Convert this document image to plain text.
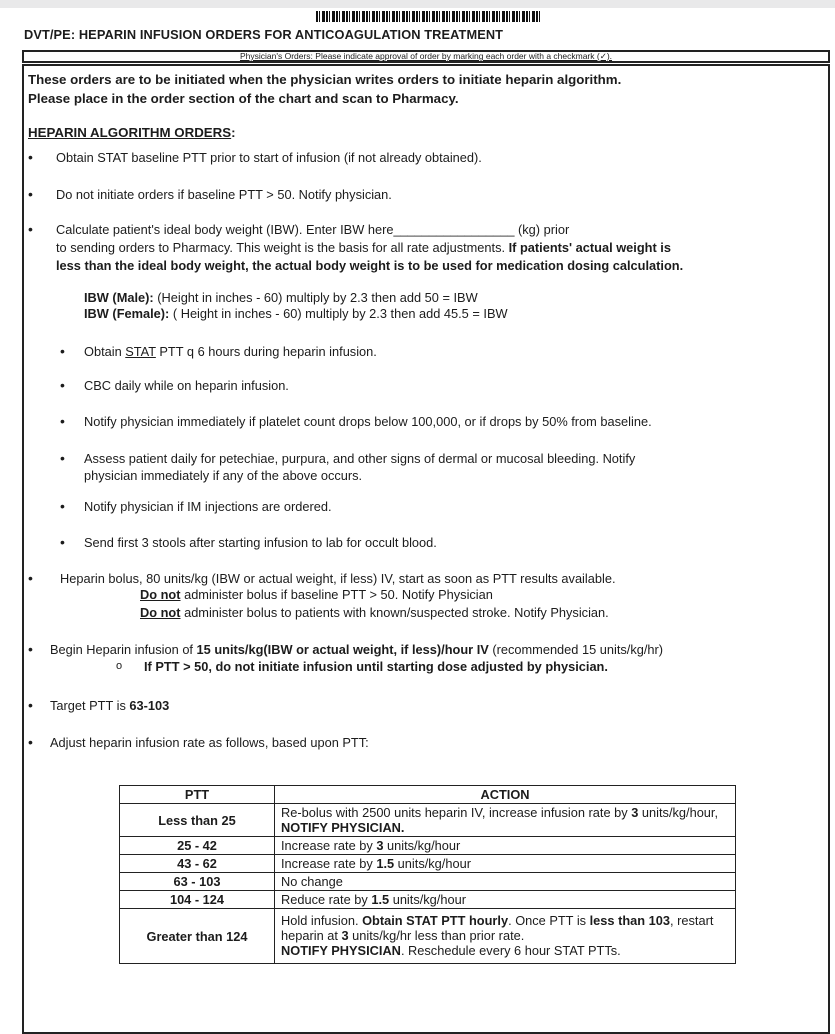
DVT/PE: HEPARIN INFUSION ORDERS FOR ANTICOAGULATION TREATMENT
Physician's Orders: Please indicate approval of order by marking each order with a checkmark (✓).
These orders are to be initiated when the physician writes orders to initiate heparin algorithm.
Please place in the order section of the chart and scan to Pharmacy.
HEPARIN ALGORITHM ORDERS:
• Obtain STAT baseline PTT prior to start of infusion (if not already obtained).
• Do not initiate orders if baseline PTT > 50. Notify physician.
• Calculate patient's ideal body weight (IBW). Enter IBW here_________________ (kg) prior
to sending orders to Pharmacy. This weight is the basis for all rate adjustments. If patients' actual weight is
less than the ideal body weight, the actual body weight is to be used for medication dosing calculation.
IBW (Male): (Height in inches - 60) multiply by 2.3 then add 50 = IBW
IBW (Female): ( Height in inches - 60) multiply by 2.3 then add 45.5 = IBW
• Obtain STAT PTT q 6 hours during heparin infusion.
• CBC daily while on heparin infusion.
• Notify physician immediately if platelet count drops below 100,000, or if drops by 50% from baseline.
• Assess patient daily for petechiae, purpura, and other signs of dermal or mucosal bleeding. Notify
physician immediately if any of the above occurs.
• Notify physician if IM injections are ordered.
• Send first 3 stools after starting infusion to lab for occult blood.
• Heparin bolus, 80 units/kg (IBW or actual weight, if less) IV, start as soon as PTT results available.
Do not administer bolus if baseline PTT > 50. Notify Physician
Do not administer bolus to patients with known/suspected stroke. Notify Physician.
• Begin Heparin infusion of 15 units/kg(IBW or actual weight, if less)/hour IV (recommended 15 units/kg/hr)
o If PTT > 50, do not initiate infusion until starting dose adjusted by physician.
• Target PTT is 63-103
• Adjust heparin infusion rate as follows, based upon PTT:
PTT	ACTION
Less than 25	Re-bolus with 2500 units heparin IV, increase infusion rate by 3 units/kg/hour, NOTIFY PHYSICIAN.
25 - 42	Increase rate by 3 units/kg/hour
43 - 62	Increase rate by 1.5 units/kg/hour
63 - 103	No change
104 - 124	Reduce rate by 1.5 units/kg/hour
Greater than 124	Hold infusion. Obtain STAT PTT hourly. Once PTT is less than 103, restart heparin at 3 units/kg/hr less than prior rate.
NOTIFY PHYSICIAN. Reschedule every 6 hour STAT PTTs.
